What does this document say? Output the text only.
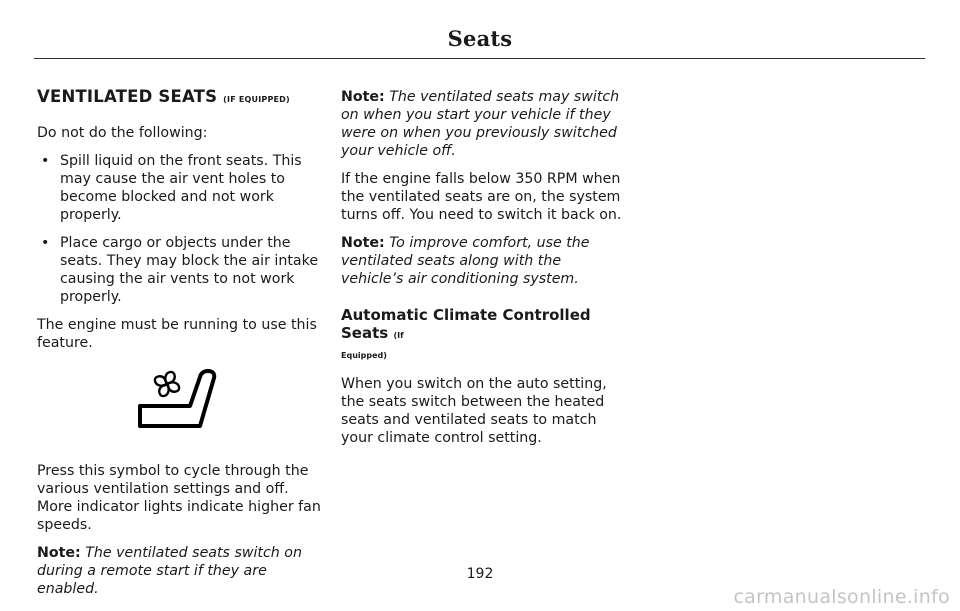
Seats
VENTILATED SEATS (IF EQUIPPED)

Do not do the following:

• Spill liquid on the front seats. This may cause the air vent holes to become blocked and not work properly.
• Place cargo or objects under the seats. They may block the air intake causing the air vents to not work properly.

The engine must be running to use this feature.

Press this symbol to cycle through the various ventilation settings and off. More indicator lights indicate higher fan speeds.

Note: The ventilated seats switch on during a remote start if they are enabled.

Note: The ventilated seats may switch on when you start your vehicle if they were on when you previously switched your vehicle off.

If the engine falls below 350 RPM when the ventilated seats are on, the system turns off. You need to switch it back on.

Note: To improve comfort, use the ventilated seats along with the vehicle’s air conditioning system.

Automatic Climate Controlled Seats (If
Equipped)

When you switch on the auto setting, the seats switch between the heated seats and ventilated seats to match your climate control setting.

192
carmanualsonline.info
